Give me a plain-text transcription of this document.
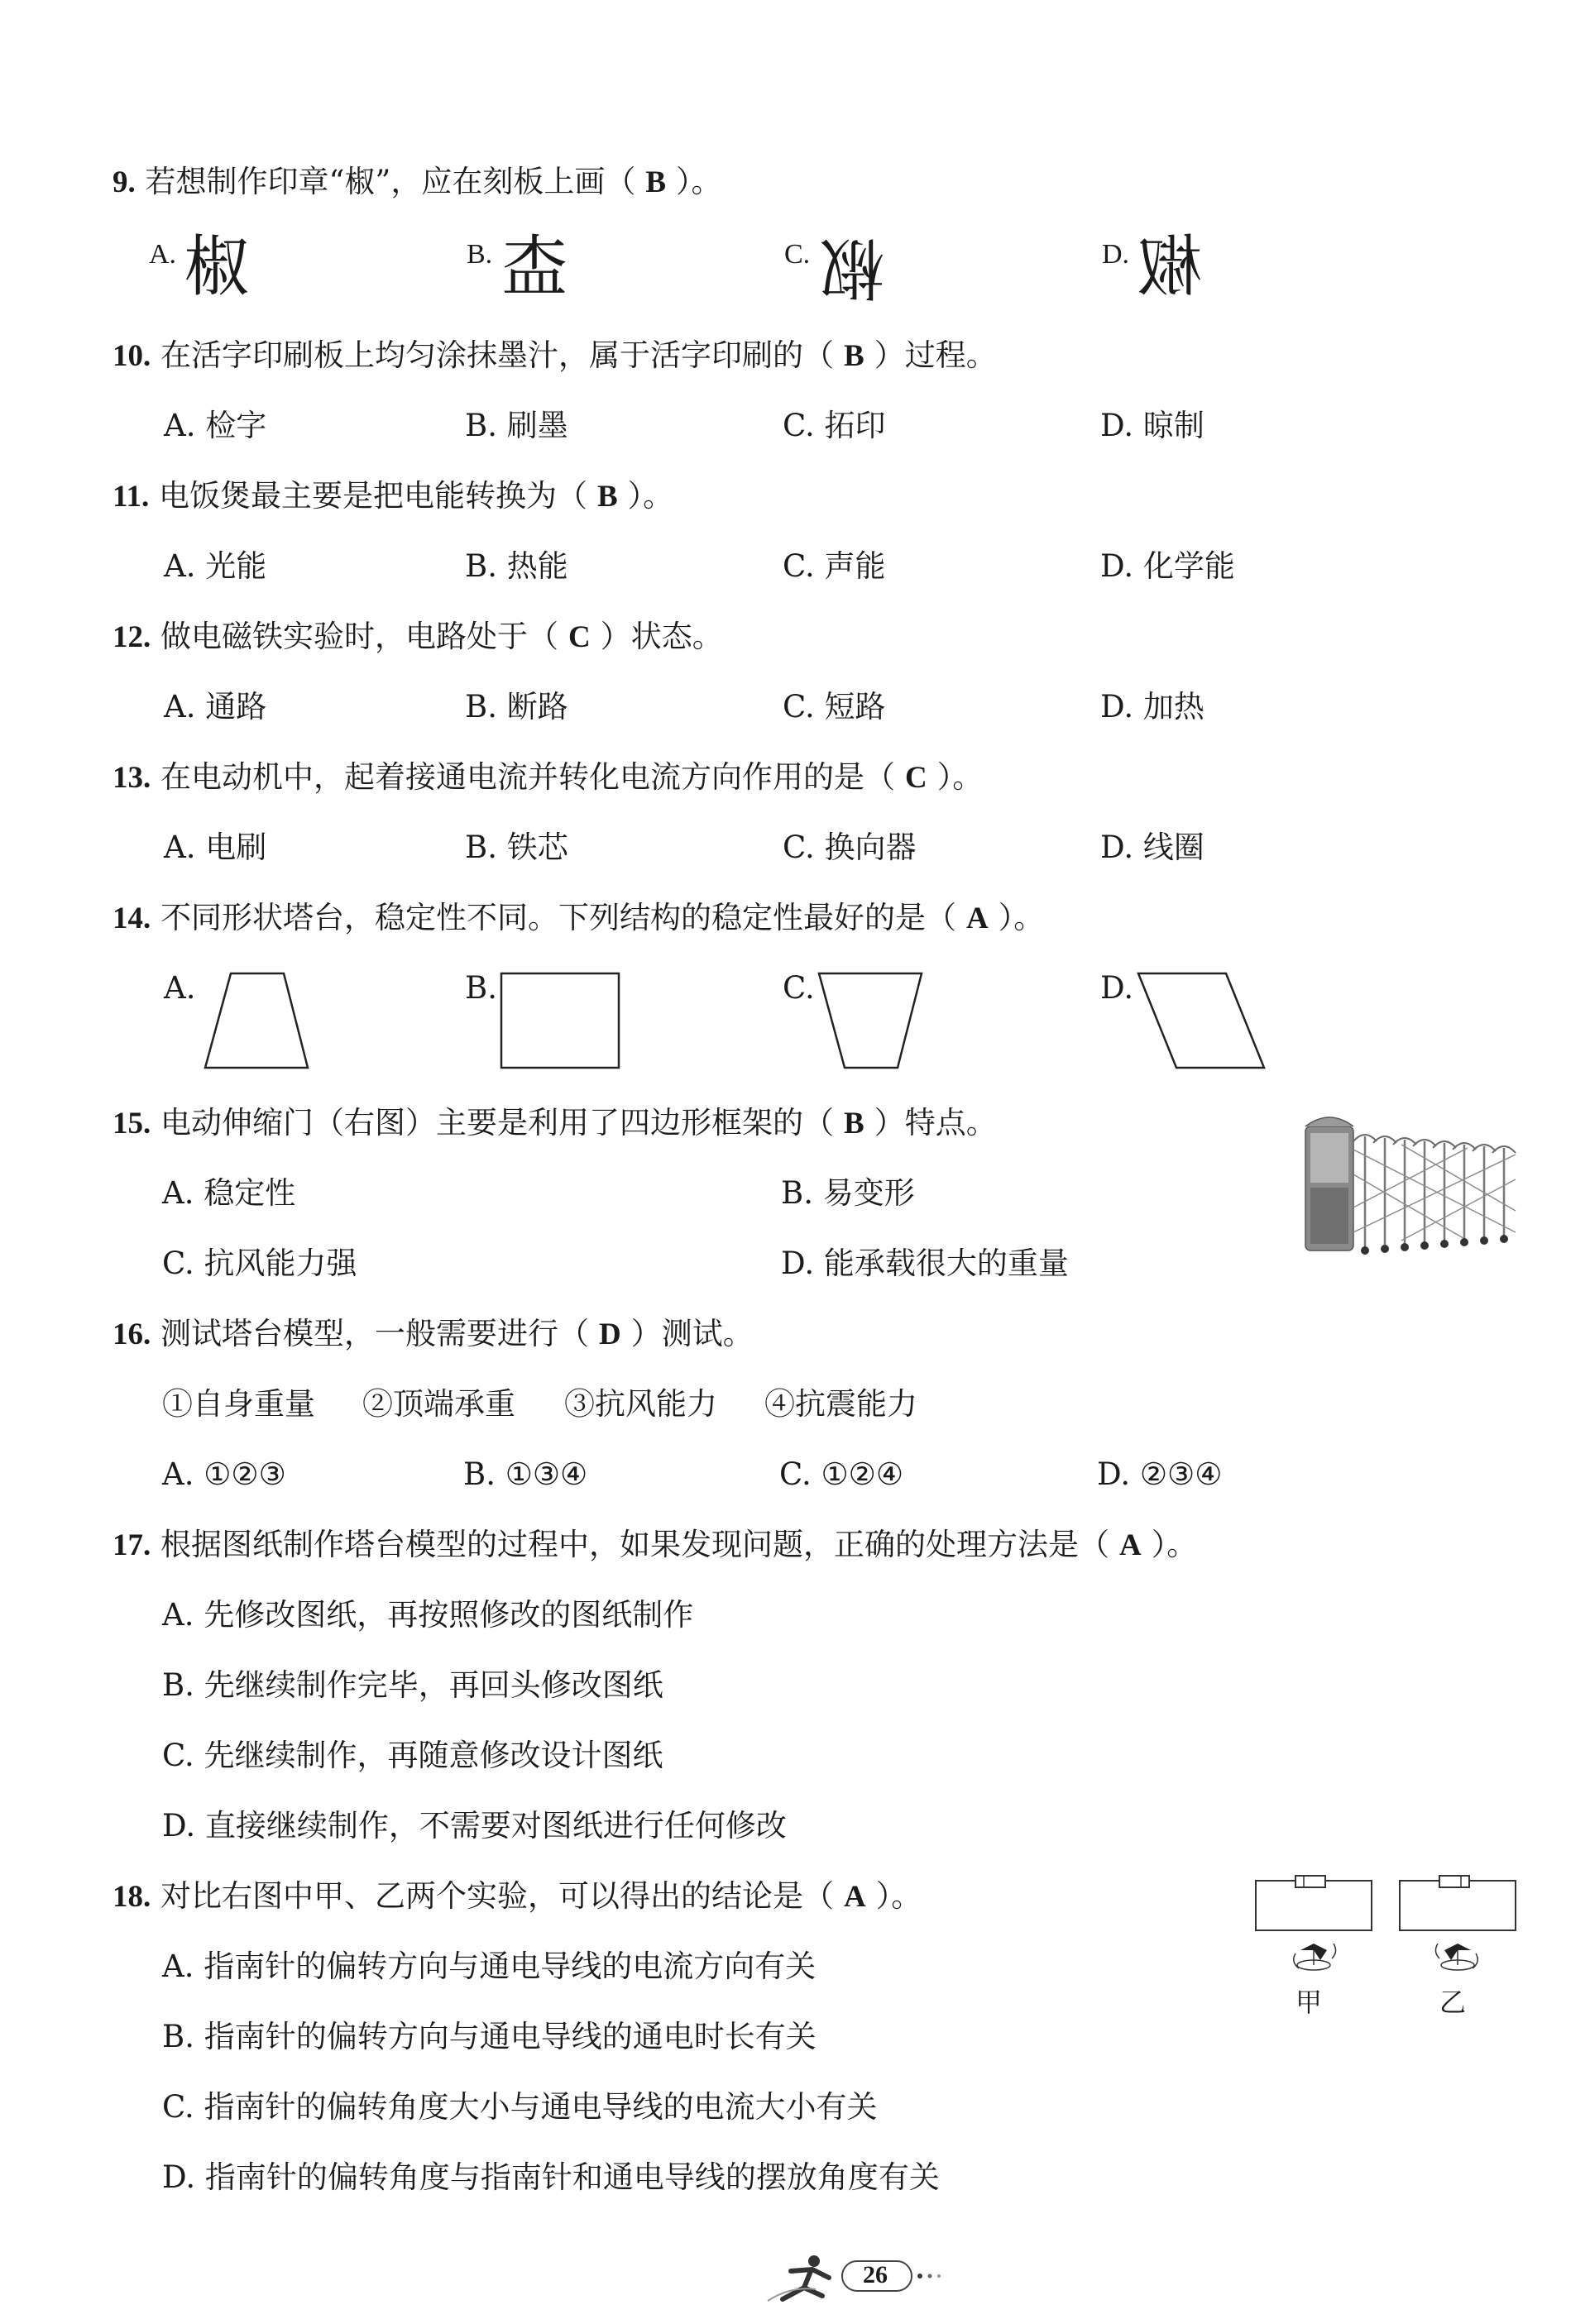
9. 若想制作印章“椒”，应在刻板上画（ B ）。
A. 椒	B. 㭗	C. 椒	D. 椒
10. 在活字印刷板上均匀涂抹墨汁，属于活字印刷的（ B ）过程。
A. 检字	B. 刷墨	C. 拓印	D. 晾制
11. 电饭煲最主要是把电能转换为（ B ）。
A. 光能	B. 热能	C. 声能	D. 化学能
12. 做电磁铁实验时，电路处于（ C ）状态。
A. 通路	B. 断路	C. 短路	D. 加热
13. 在电动机中，起着接通电流并转化电流方向作用的是（ C ）。
A. 电刷	B. 铁芯	C. 换向器	D. 线圈
14. 不同形状塔台，稳定性不同。下列结构的稳定性最好的是（ A ）。
A.	B.	C.	D.
15. 电动伸缩门（右图）主要是利用了四边形框架的（ B ）特点。
A. 稳定性	B. 易变形
C. 抗风能力强	D. 能承载很大的重量
16. 测试塔台模型，一般需要进行（ D ）测试。
①自身重量 ②顶端承重 ③抗风能力 ④抗震能力
A. ①②③	B. ①③④	C. ①②④	D. ②③④
17. 根据图纸制作塔台模型的过程中，如果发现问题，正确的处理方法是（ A ）。
A. 先修改图纸，再按照修改的图纸制作
B. 先继续制作完毕，再回头修改图纸
C. 先继续制作，再随意修改设计图纸
D. 直接继续制作，不需要对图纸进行任何修改
18. 对比右图中甲、乙两个实验，可以得出的结论是（ A ）。
A. 指南针的偏转方向与通电导线的电流方向有关
B. 指南针的偏转方向与通电导线的通电时长有关
C. 指南针的偏转角度大小与通电导线的电流大小有关
D. 指南针的偏转角度与指南针和通电导线的摆放角度有关
甲	乙
26
